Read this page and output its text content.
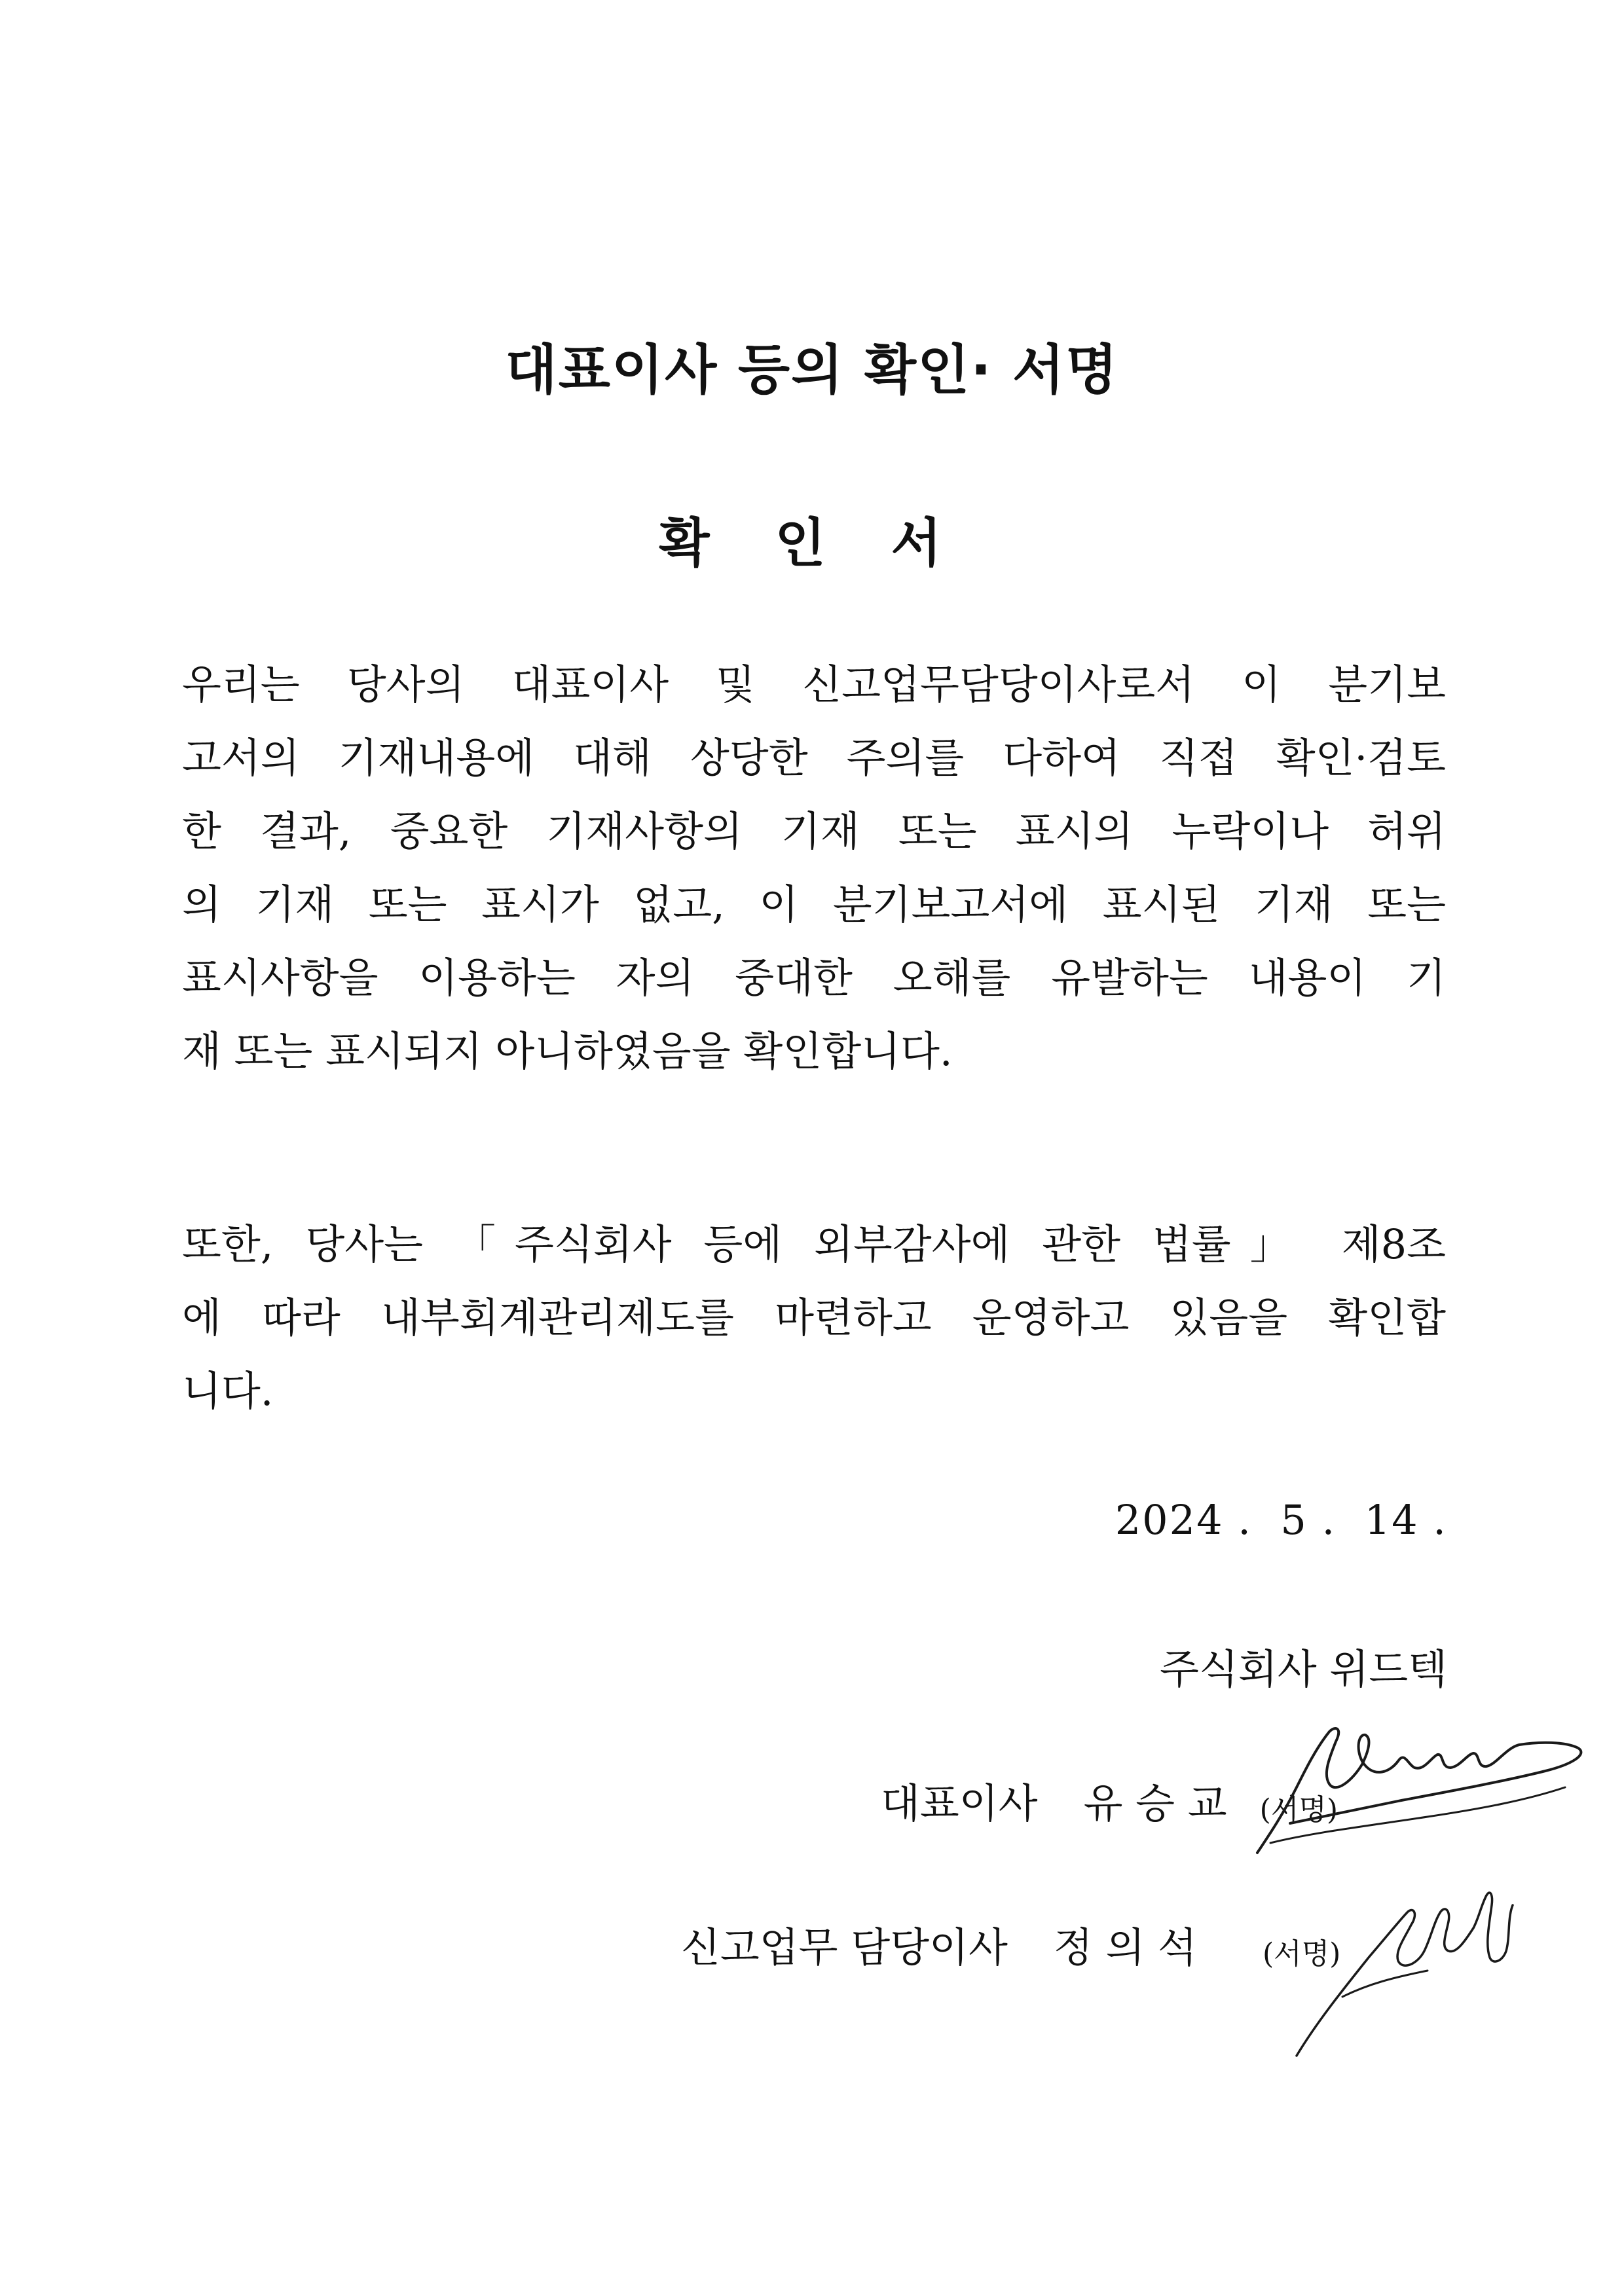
대표이사 등의 확인· 서명
확 인 서
우리는 당사의 대표이사 및 신고업무담당이사로서 이 분기보
고서의 기재내용에 대해 상당한 주의를 다하여 직접 확인·검토
한 결과, 중요한 기재사항의 기재 또는 표시의 누락이나 허위
의 기재 또는 표시가 없고, 이 분기보고서에 표시된 기재 또는
표시사항을 이용하는 자의 중대한 오해를 유발하는 내용이 기
재 또는 표시되지 아니하였음을 확인합니다.
또한, 당사는 「주식회사 등에 외부감사에 관한 법률」 제8조
에 따라 내부회계관리제도를 마련하고 운영하고 있음을 확인합
니다.
2024 .  5 .  14 .
주식회사 위드텍
대표이사 유 승 교 (서명)
신고업무 담당이사 정 의 석 (서명)
